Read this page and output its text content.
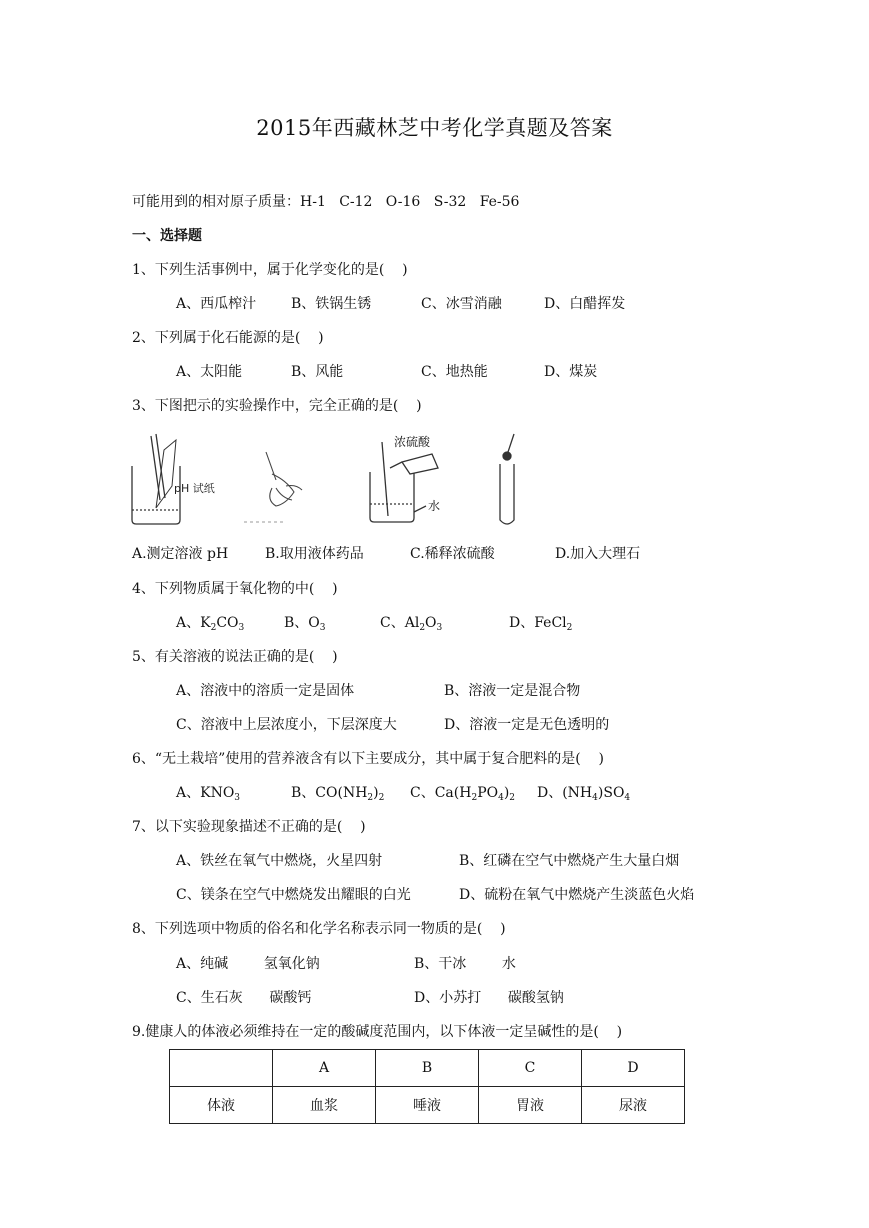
2015年西藏林芝中考化学真题及答案
可能用到的相对原子质量：H-1   C-12   O-16   S-32   Fe-56
一、选择题
1、下列生活事例中，属于化学变化的是(    )
A、西瓜榨汁 B、铁锅生锈	C、冰雪消融	D、白醋挥发
2、下列属于化石能源的是(    )
A、太阳能	B、风能	C、地热能	D、煤炭
3、下图把示的实验操作中，完全正确的是(    )
pH 试纸
浓硫酸
水
A.测定溶液 pH	B.取用液体药品	C.稀释浓硫酸	D.加入大理石
4、下列物质属于氧化物的中(    )
A、$K_2CO_3$	B、$O_3$	C、$Al_2O_3$	D、FeCl$_2$
5、有关溶液的说法正确的是(    )
A、溶液中的溶质一定是固体	B、溶液一定是混合物
C、溶液中上层浓度小，下层深度大	D、溶液一定是无色透明的
6、“无土栽培”使用的营养液含有以下主要成分，其中属于复合肥料的是(    )
A、$KNO_3$	B、$CO(NH_2)_2$ C、$Ca(H_2PO_4)_2$ D、$(NH_4)SO_4$
7、以下实验现象描述不正确的是(    )
A、铁丝在氧气中燃烧，火星四射	B、红磷在空气中燃烧产生大量白烟
C、镁条在空气中燃烧发出耀眼的白光	D、硫粉在氧气中燃烧产生淡蓝色火焰
8、下列选项中物质的俗名和化学名称表示同一物质的是(    )
A、纯碱        氢氧化钠	B、干冰        水
C、生石灰      碳酸钙	D、小苏打      碳酸氢钠
9.健康人的体液必须维持在一定的酸碱度范围内，以下体液一定呈碱性的是(    )
	A	B	C	D
体液	血浆	唾液	胃液	尿液
